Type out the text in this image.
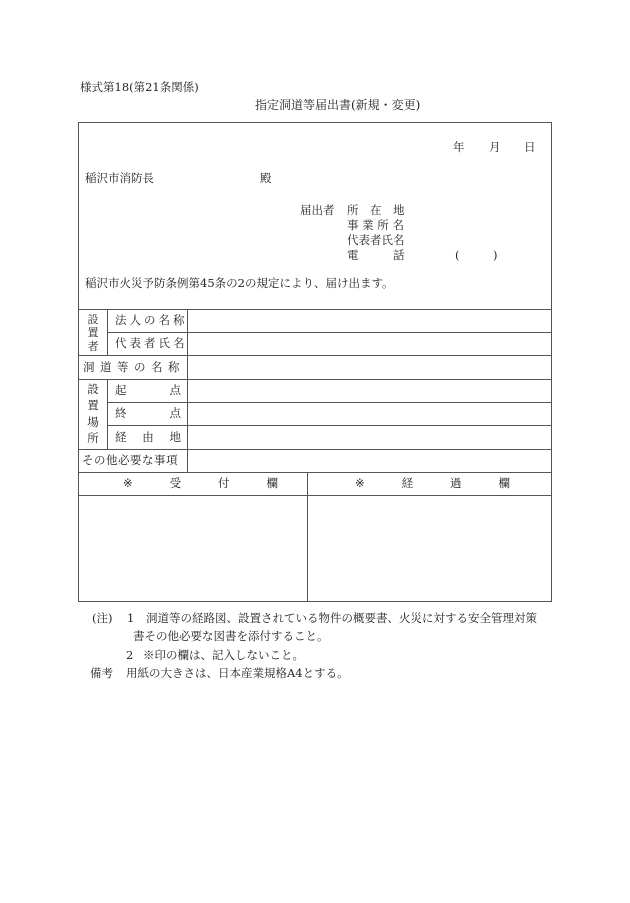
様式第18(第21条関係)
指定洞道等届出書(新規・変更)
年 月 日
稲沢市消防長	殿
届出者 所　在　地
事 業 所 名
代表者氏名
電　　　話	(	)
稲沢市火災予防条例第45条の2の規定により、届け出ます。
設
置
者
法人の名称
代表者氏名
洞道等の名称
設
置
場
所
起	点
終	点
経 由 地
その他必要な事項
※	受	付	欄	※	経	過	欄
(注) 1 洞道等の経路図、設置されている物件の概要書、火災に対する安全管理対策
書その他必要な図書を添付すること。
2 ※印の欄は、記入しないこと。
備考 用紙の大きさは、日本産業規格A4とする。
